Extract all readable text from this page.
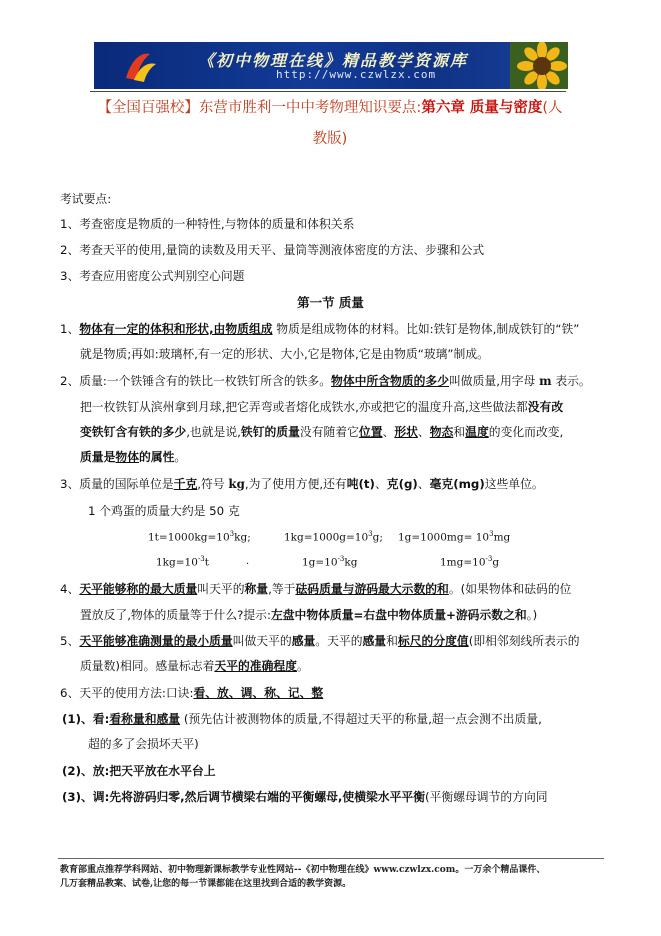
《初中物理在线》精品教学资源库
http://www.czwlzx.com
【全国百强校】东营市胜利一中中考物理知识要点:第六章 质量与密度(人
教版)
考试要点:
1、考查密度是物质的一种特性,与物体的质量和体积关系
2、考查天平的使用,量筒的读数及用天平、量筒等测液体密度的方法、步骤和公式
3、考查应用密度公式判别空心问题
第一节 质量
1、物体有一定的体积和形状,由物质组成 物质是组成物体的材料。比如:铁钉是物体,制成铁钉的“铁”
就是物质;再如:玻璃杯,有一定的形状、大小,它是物体,它是由物质“玻璃”制成。
2、质量:一个铁锤含有的铁比一枚铁钉所含的铁多。物体中所含物质的多少叫做质量,用字母 m 表示。
把一枚铁钉从滨州拿到月球,把它弄弯或者熔化成铁水,亦或把它的温度升高,这些做法都没有改
变铁钉含有铁的多少,也就是说,铁钉的质量没有随着它位置、形状、物态和温度的变化而改变,
质量是物体的属性。
3、质量的国际单位是千克,符号 kg,为了使用方便,还有吨(t)、克(g)、毫克(mg)这些单位。
1 个鸡蛋的质量大约是 50 克
$1t=1000kg=10^3kg$;	$1kg=1000g=10^3g$; $1g=1000mg= 10^3mg$
$1kg=10^{-3}t$	.	$1g=10^{-3}kg$	$1mg=10^{-3}g$
4、天平能够称的最大质量叫天平的称量,等于砝码质量与游码最大示数的和。(如果物体和砝码的位
置放反了,物体的质量等于什么?提示:左盘中物体质量=右盘中物体质量+游码示数之和。)
5、天平能够准确测量的最小质量叫做天平的感量。天平的感量和标尺的分度值(即相邻刻线所表示的
质量数)相同。感量标志着天平的准确程度。
6、天平的使用方法:口诀:看、放、调、称、记、整
(1)、看:看称量和感量 (预先估计被测物体的质量,不得超过天平的称量,超一点会测不出质量,
超的多了会损坏天平)
(2)、放:把天平放在水平台上
(3)、调:先将游码归零,然后调节横梁右端的平衡螺母,使横梁水平平衡(平衡螺母调节的方向同
教育部重点推荐学科网站、初中物理新课标教学专业性网站--《初中物理在线》www.czwlzx.com。一万余个精品课件、
几万套精品教案、试卷,让您的每一节课都能在这里找到合适的教学资源。
